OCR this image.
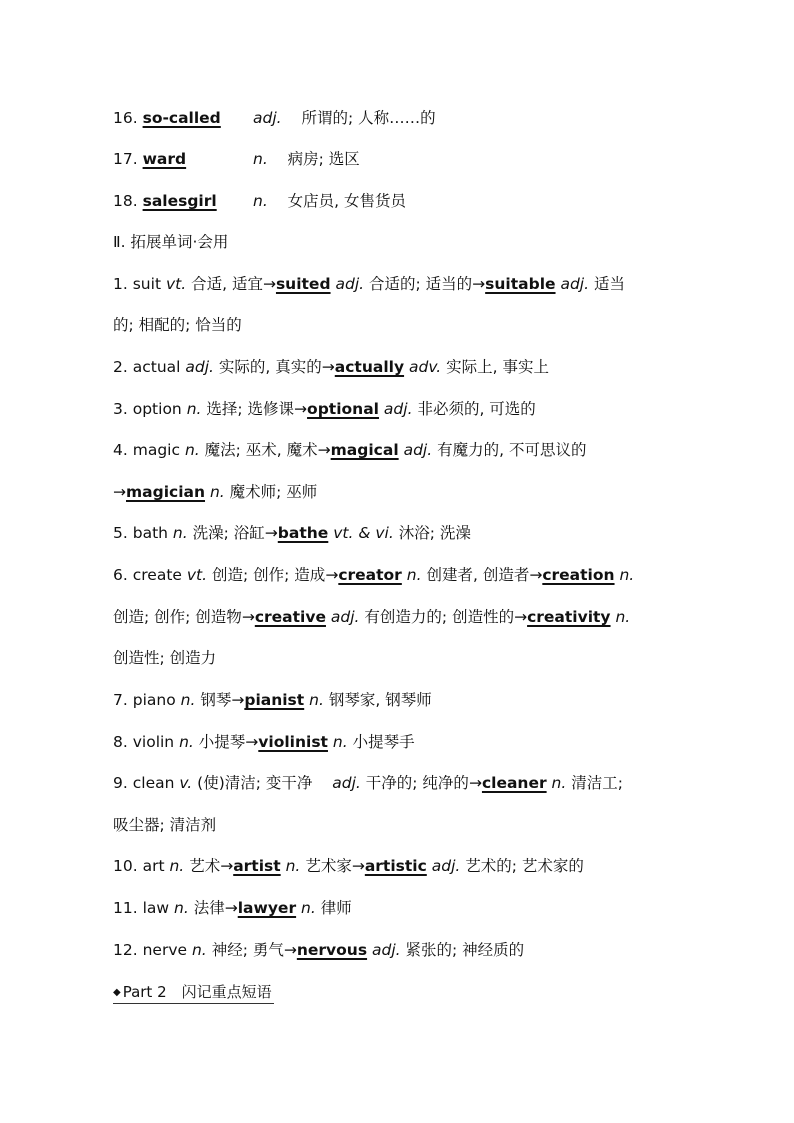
16. so-called adj. 所谓的; 人称……的
17. ward	n. 病房; 选区
18. salesgirl n. 女店员, 女售货员
Ⅱ. 拓展单词·会用
1. suit vt. 合适, 适宜→suited adj. 合适的; 适当的→suitable adj. 适当
的; 相配的; 恰当的
2. actual adj. 实际的, 真实的→actually adv. 实际上, 事实上
3. option n. 选择; 选修课→optional adj. 非必须的, 可选的
4. magic n. 魔法; 巫术, 魔术→magical adj. 有魔力的, 不可思议的
→magician n. 魔术师; 巫师
5. bath n. 洗澡; 浴缸→bathe vt. & vi. 沐浴; 洗澡
6. create vt. 创造; 创作; 造成→creator n. 创建者, 创造者→creation n.
创造; 创作; 创造物→creative adj. 有创造力的; 创造性的→creativity n.
创造性; 创造力
7. piano n. 钢琴→pianist n. 钢琴家, 钢琴师
8. violin n. 小提琴→violinist n. 小提琴手
9. clean v. (使)清洁; 变干净 adj. 干净的; 纯净的→cleaner n. 清洁工;
吸尘器; 清洁剂
10. art n. 艺术→artist n. 艺术家→artistic adj. 艺术的; 艺术家的
11. law n. 法律→lawyer n. 律师
12. nerve n. 神经; 勇气→nervous adj. 紧张的; 神经质的
◆ Part 2　闪记重点短语
